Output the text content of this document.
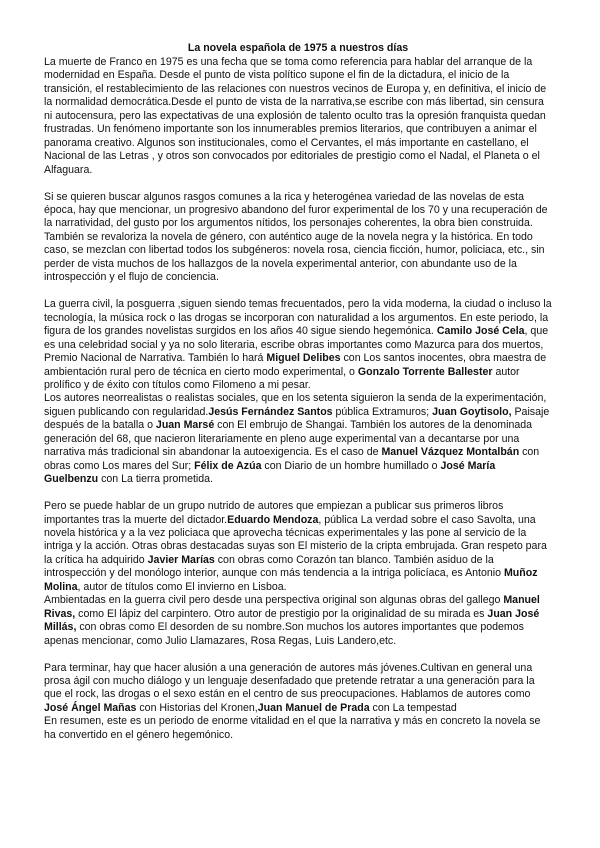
La novela española de 1975 a nuestros días

La muerte de Franco en 1975 es una fecha que se toma como referencia para hablar del arranque de la modernidad en España. Desde el punto de vista político supone el fin de la dictadura, el inicio de la transición, el restablecimiento de las relaciones con nuestros vecinos de Europa y, en definitiva, el inicio de la normalidad democrática.Desde el punto de vista de la narrativa,se escribe con más libertad, sin censura ni autocensura, pero las expectativas de una explosión de talento oculto tras la opresión franquista quedan frustradas. Un fenómeno importante son los innumerables premios literarios, que contribuyen a animar el panorama creativo. Algunos son institucionales, como el Cervantes, el más importante en castellano, el Nacional de las Letras , y otros son convocados por editoriales de prestigio como el Nadal, el Planeta o el Alfaguara.

Si se quieren buscar algunos rasgos comunes a la rica y heterogénea variedad de las novelas de esta época, hay que mencionar, un progresivo abandono del furor experimental de los 70 y una recuperación de la narratividad, del gusto por los argumentos nítidos, los personajes coherentes, la obra bien construida. También se revaloriza la novela de género, con auténtico auge de la novela negra y la histórica. En todo caso, se mezclan con libertad todos los subgéneros: novela rosa, ciencia ficción, humor, policiaca, etc., sin perder de vista muchos de los hallazgos de la novela experimental anterior, con abundante uso de la introspección y el flujo de conciencia.

La guerra civil, la posguerra ,siguen siendo temas frecuentados, pero la vida moderna, la ciudad o incluso la tecnología, la música rock o las drogas se incorporan con naturalidad a los argumentos. En este periodo, la figura de los grandes novelistas surgidos en los años 40 sigue siendo hegemónica. Camilo José Cela, que es una celebridad social y ya no solo literaria, escribe obras importantes como Mazurca para dos muertos, Premio Nacional de Narrativa. También lo hará Miguel Delibes con Los santos inocentes, obra maestra de ambientación rural pero de técnica en cierto modo experimental, o Gonzalo Torrente Ballester autor prolífico y de éxito con títulos como Filomeno a mi pesar.

Los autores neorrealistas o realistas sociales, que en los setenta siguieron la senda de la experimentación, siguen publicando con regularidad.Jesús Fernández Santos pública Extramuros; Juan Goytisolo, Paisaje después de la batalla o Juan Marsé con El embrujo de Shangai. También los autores de la denominada generación del 68, que nacieron literariamente en pleno auge experimental van a decantarse por una narrativa más tradicional sin abandonar la autoexigencia. Es el caso de Manuel Vázquez Montalbán con obras como Los mares del Sur; Félix de Azúa con Diario de un hombre humillado o José María Guelbenzu con La tierra prometida.

Pero se puede hablar de un grupo nutrido de autores que empiezan a publicar sus primeros libros importantes tras la muerte del dictador.Eduardo Mendoza, pública La verdad sobre el caso Savolta, una novela histórica y a la vez policiaca que aprovecha técnicas experimentales y las pone al servicio de la intriga y la acción. Otras obras destacadas suyas son El misterio de la cripta embrujada. Gran respeto para la crítica ha adquirido Javier Marías con obras como Corazón tan blanco. También asiduo de la introspección y del monólogo interior, aunque con más tendencia a la intriga policíaca, es Antonio Muñoz Molina, autor de títulos como El invierno en Lisboa.

Ambientadas en la guerra civil pero desde una perspectiva original son algunas obras del gallego Manuel Rivas, como El lápiz del carpintero. Otro autor de prestigio por la originalidad de su mirada es Juan José Millás, con obras como El desorden de su nombre.Son muchos los autores importantes que podemos apenas mencionar, como Julio Llamazares, Rosa Regas, Luis Landero,etc.

Para terminar, hay que hacer alusión a una generación de autores más jóvenes.Cultivan en general una prosa ágil con mucho diálogo y un lenguaje desenfadado que pretende retratar a una generación para la que el rock, las drogas o el sexo están en el centro de sus preocupaciones. Hablamos de autores como José Ángel Mañas con Historias del Kronen,Juan Manuel de Prada con La tempestad

En resumen, este es un periodo de enorme vitalidad en el que la narrativa y más en concreto la novela se ha convertido en el género hegemónico.
